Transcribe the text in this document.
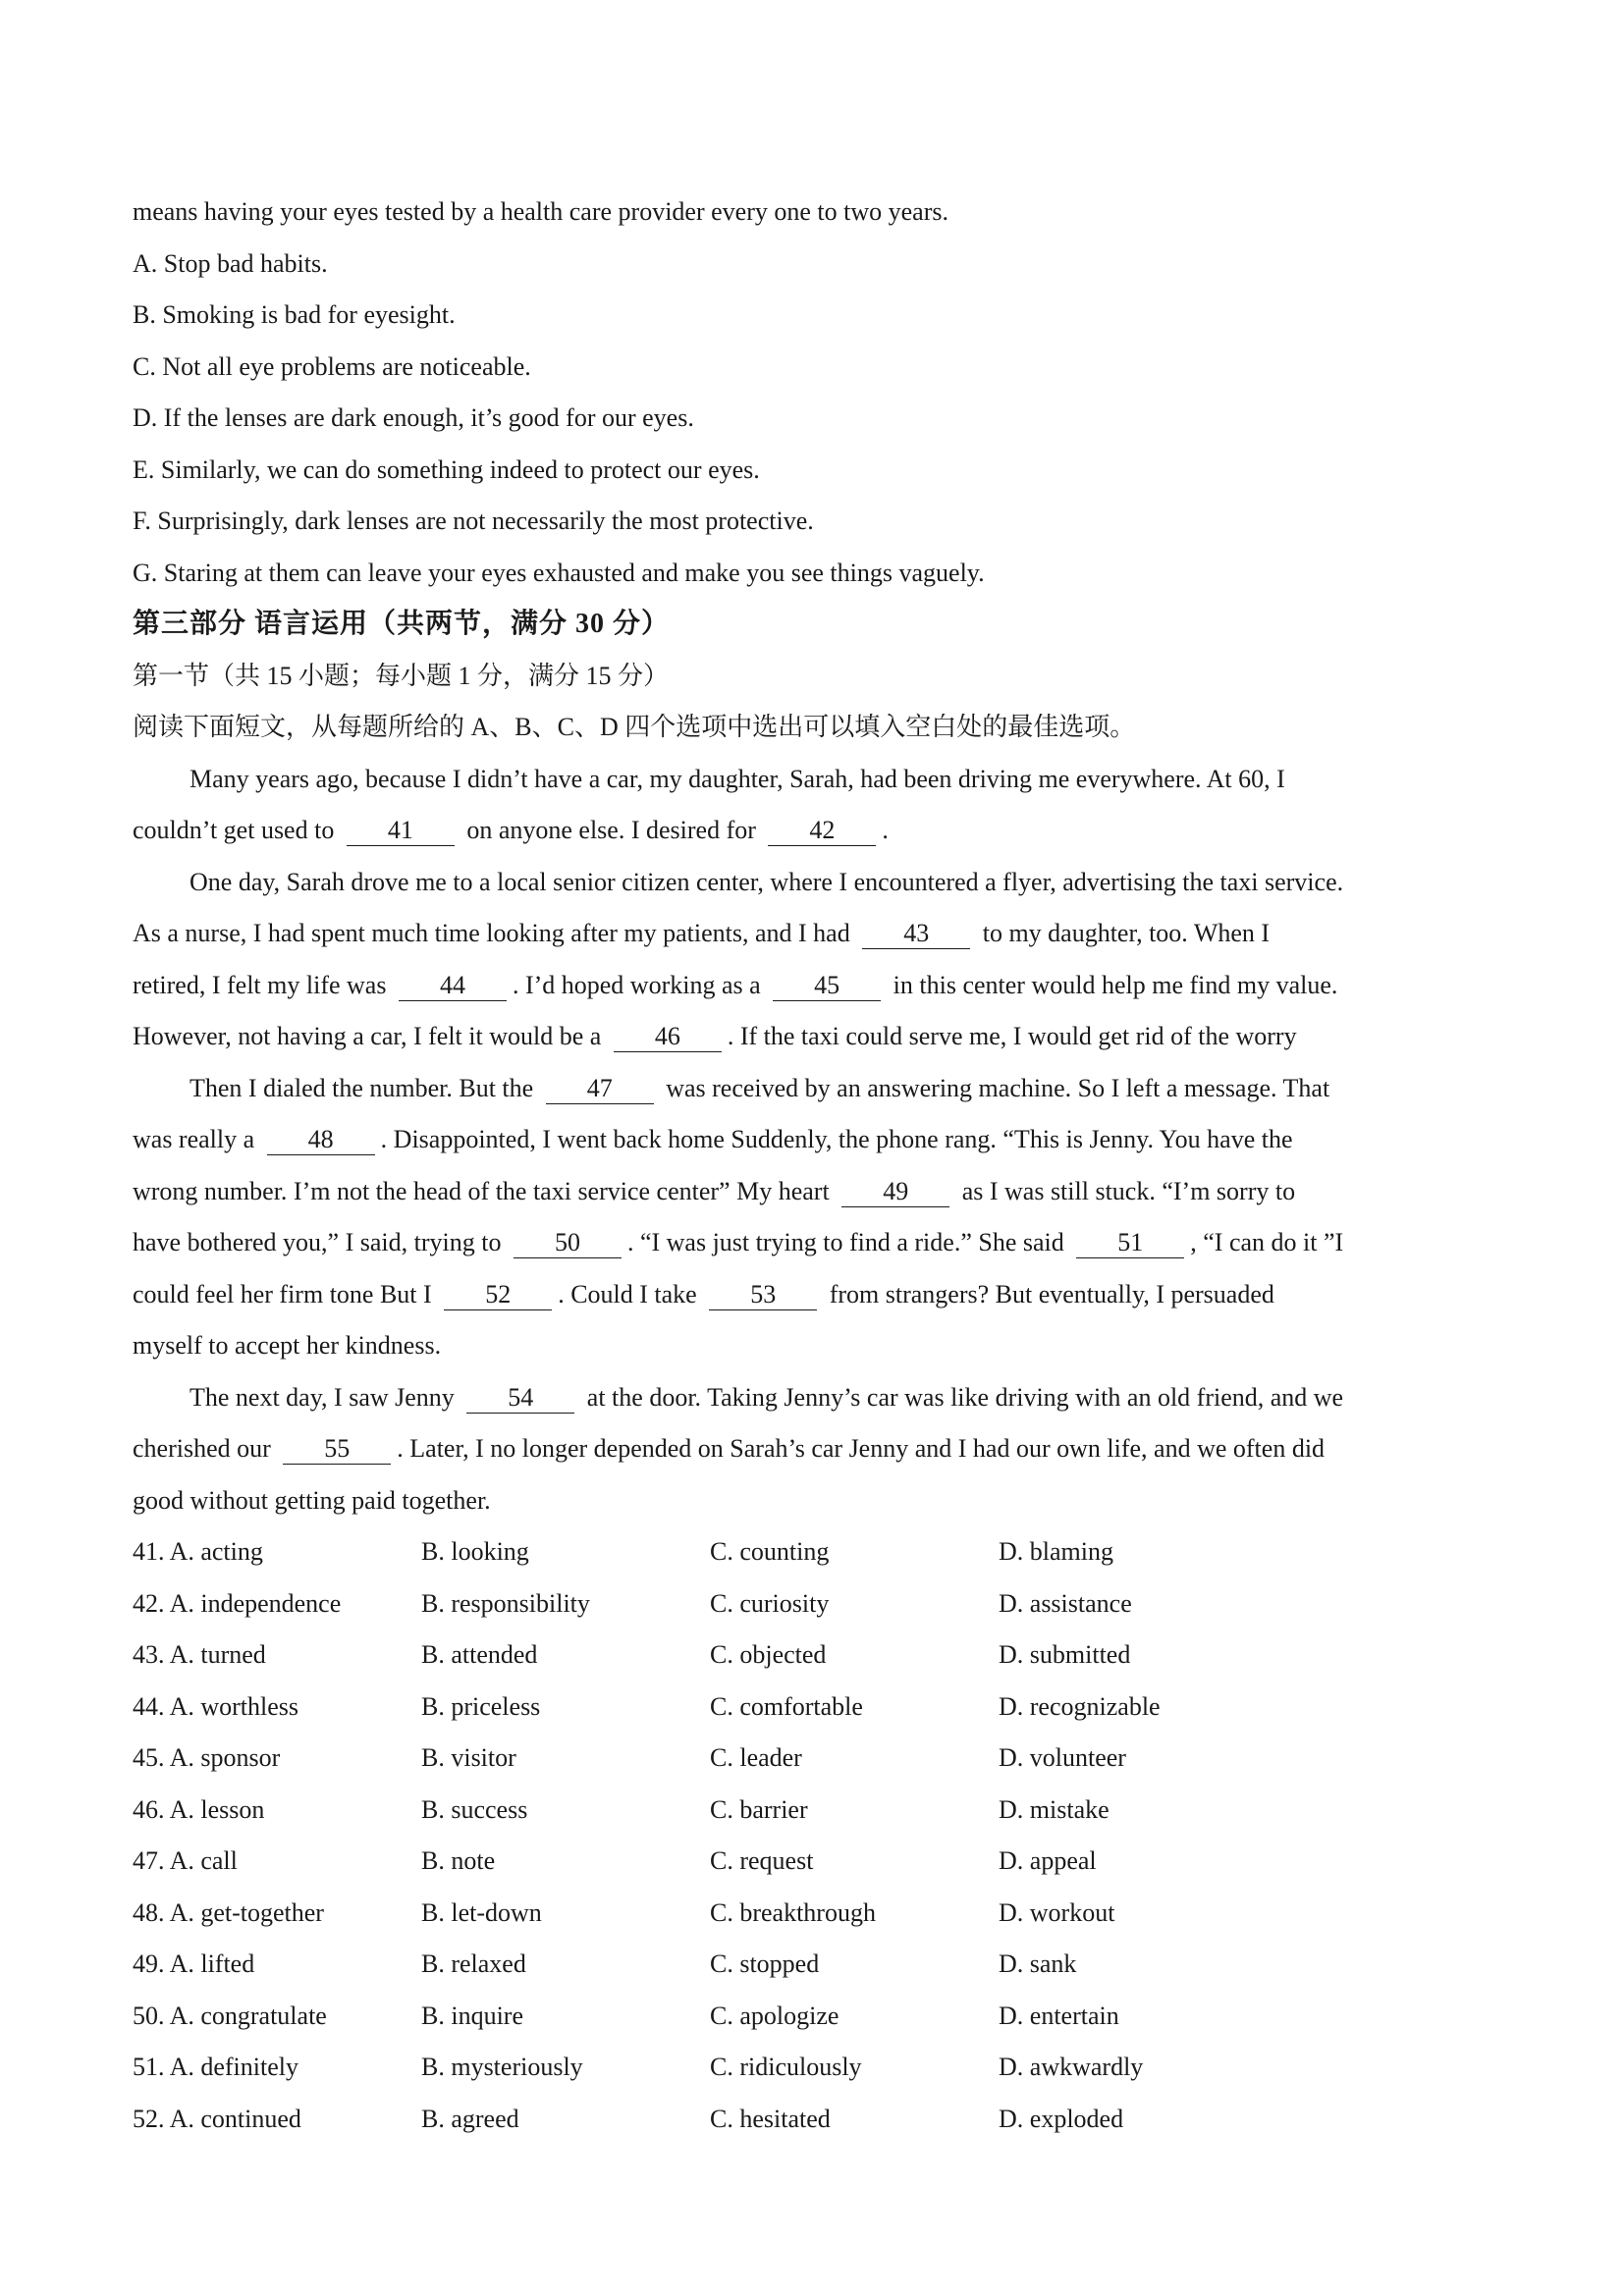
means having your eyes tested by a health care provider every one to two years.
A. Stop bad habits.
B. Smoking is bad for eyesight.
C. Not all eye problems are noticeable.
D. If the lenses are dark enough, it’s good for our eyes.
E. Similarly, we can do something indeed to protect our eyes.
F. Surprisingly, dark lenses are not necessarily the most protective.
G. Staring at them can leave your eyes exhausted and make you see things vaguely.
第三部分 语言运用（共两节，满分 30 分）
第一节（共 15 小题；每小题 1 分，满分 15 分）
阅读下面短文，从每题所给的 A、B、C、D 四个选项中选出可以填入空白处的最佳选项。
Many years ago, because I didn’t have a car, my daughter, Sarah, had been driving me everywhere. At 60, I
couldn’t get used to 41 on anyone else. I desired for 42 .
One day, Sarah drove me to a local senior citizen center, where I encountered a flyer, advertising the taxi service.
As a nurse, I had spent much time looking after my patients, and I had 43 to my daughter, too. When I
retired, I felt my life was 44 . I’d hoped working as a 45 in this center would help me find my value.
However, not having a car, I felt it would be a 46 . If the taxi could serve me, I would get rid of the worry
Then I dialed the number. But the 47 was received by an answering machine. So I left a message. That
was really a 48 . Disappointed, I went back home Suddenly, the phone rang. “This is Jenny. You have the
wrong number. I’m not the head of the taxi service center” My heart 49 as I was still stuck. “I’m sorry to
have bothered you,” I said, trying to 50 . “I was just trying to find a ride.” She said 51 , “I can do it ”I
could feel her firm tone But I 52 . Could I take 53 from strangers? But eventually, I persuaded
myself to accept her kindness.
The next day, I saw Jenny 54 at the door. Taking Jenny’s car was like driving with an old friend, and we
cherished our 55 . Later, I no longer depended on Sarah’s car Jenny and I had our own life, and we often did
good without getting paid together.
41. A. acting	B. looking	C. counting	D. blaming
42. A. independence	B. responsibility	C. curiosity	D. assistance
43. A. turned	B. attended	C. objected	D. submitted
44. A. worthless	B. priceless	C. comfortable	D. recognizable
45. A. sponsor	B. visitor	C. leader	D. volunteer
46. A. lesson	B. success	C. barrier	D. mistake
47. A. call	B. note	C. request	D. appeal
48. A. get-together	B. let-down	C. breakthrough	D. workout
49. A. lifted	B. relaxed	C. stopped	D. sank
50. A. congratulate	B. inquire	C. apologize	D. entertain
51. A. definitely	B. mysteriously	C. ridiculously	D. awkwardly
52. A. continued	B. agreed	C. hesitated	D. exploded
